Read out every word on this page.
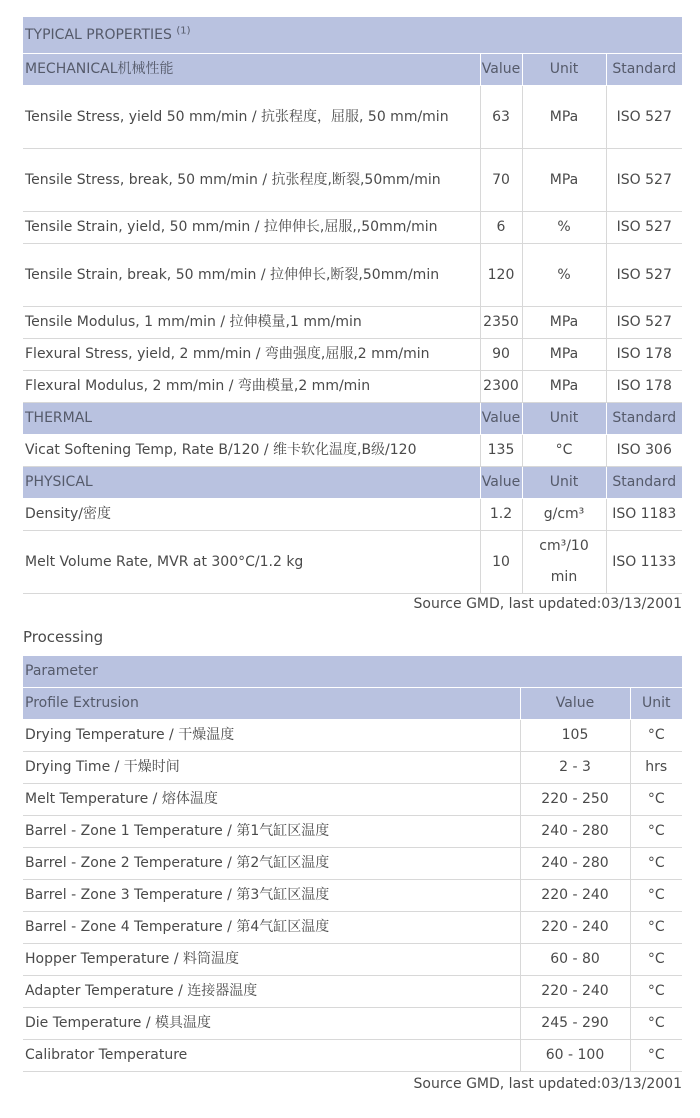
TYPICAL PROPERTIES $^{(1)}$
MECHANICAL机械性能	Value	Unit	Standard
Tensile Stress, yield 50 mm/min / 抗张程度，屈服, 50 mm/min	63	MPa	ISO 527
Tensile Stress, break, 50 mm/min / 抗张程度,断裂,50mm/min	70	MPa	ISO 527
Tensile Strain, yield, 50 mm/min / 拉伸伸长,屈服,,50mm/min	6	%	ISO 527
Tensile Strain, break, 50 mm/min / 拉伸伸长,断裂,50mm/min	120	%	ISO 527
Tensile Modulus, 1 mm/min / 拉伸模量,1 mm/min	2350	MPa	ISO 527
Flexural Stress, yield, 2 mm/min / 弯曲强度,屈服,2 mm/min	90	MPa	ISO 178
Flexural Modulus, 2 mm/min / 弯曲模量,2 mm/min	2300	MPa	ISO 178
THERMAL	Value	Unit	Standard
Vicat Softening Temp, Rate B/120 / 维卡软化温度,B级/120	135	°C	ISO 306
PHYSICAL	Value	Unit	Standard
Density/密度	1.2	g/cm³	ISO 1183
Melt Volume Rate, MVR at 300°C/1.2 kg	10	cm³/10 min	ISO 1133
Source GMD, last updated:03/13/2001
Processing
Parameter		
Profile Extrusion	Value	Unit
Drying Temperature / 干燥温度	105	°C
Drying Time / 干燥时间	2 - 3	hrs
Melt Temperature / 熔体温度	220 - 250	°C
Barrel - Zone 1 Temperature / 第1气缸区温度	240 - 280	°C
Barrel - Zone 2 Temperature / 第2气缸区温度	240 - 280	°C
Barrel - Zone 3 Temperature / 第3气缸区温度	220 - 240	°C
Barrel - Zone 4 Temperature / 第4气缸区温度	220 - 240	°C
Hopper Temperature / 料筒温度	60 - 80	°C
Adapter Temperature / 连接器温度	220 - 240	°C
Die Temperature / 模具温度	245 - 290	°C
Calibrator Temperature	60 - 100	°C
Source GMD, last updated:03/13/2001
